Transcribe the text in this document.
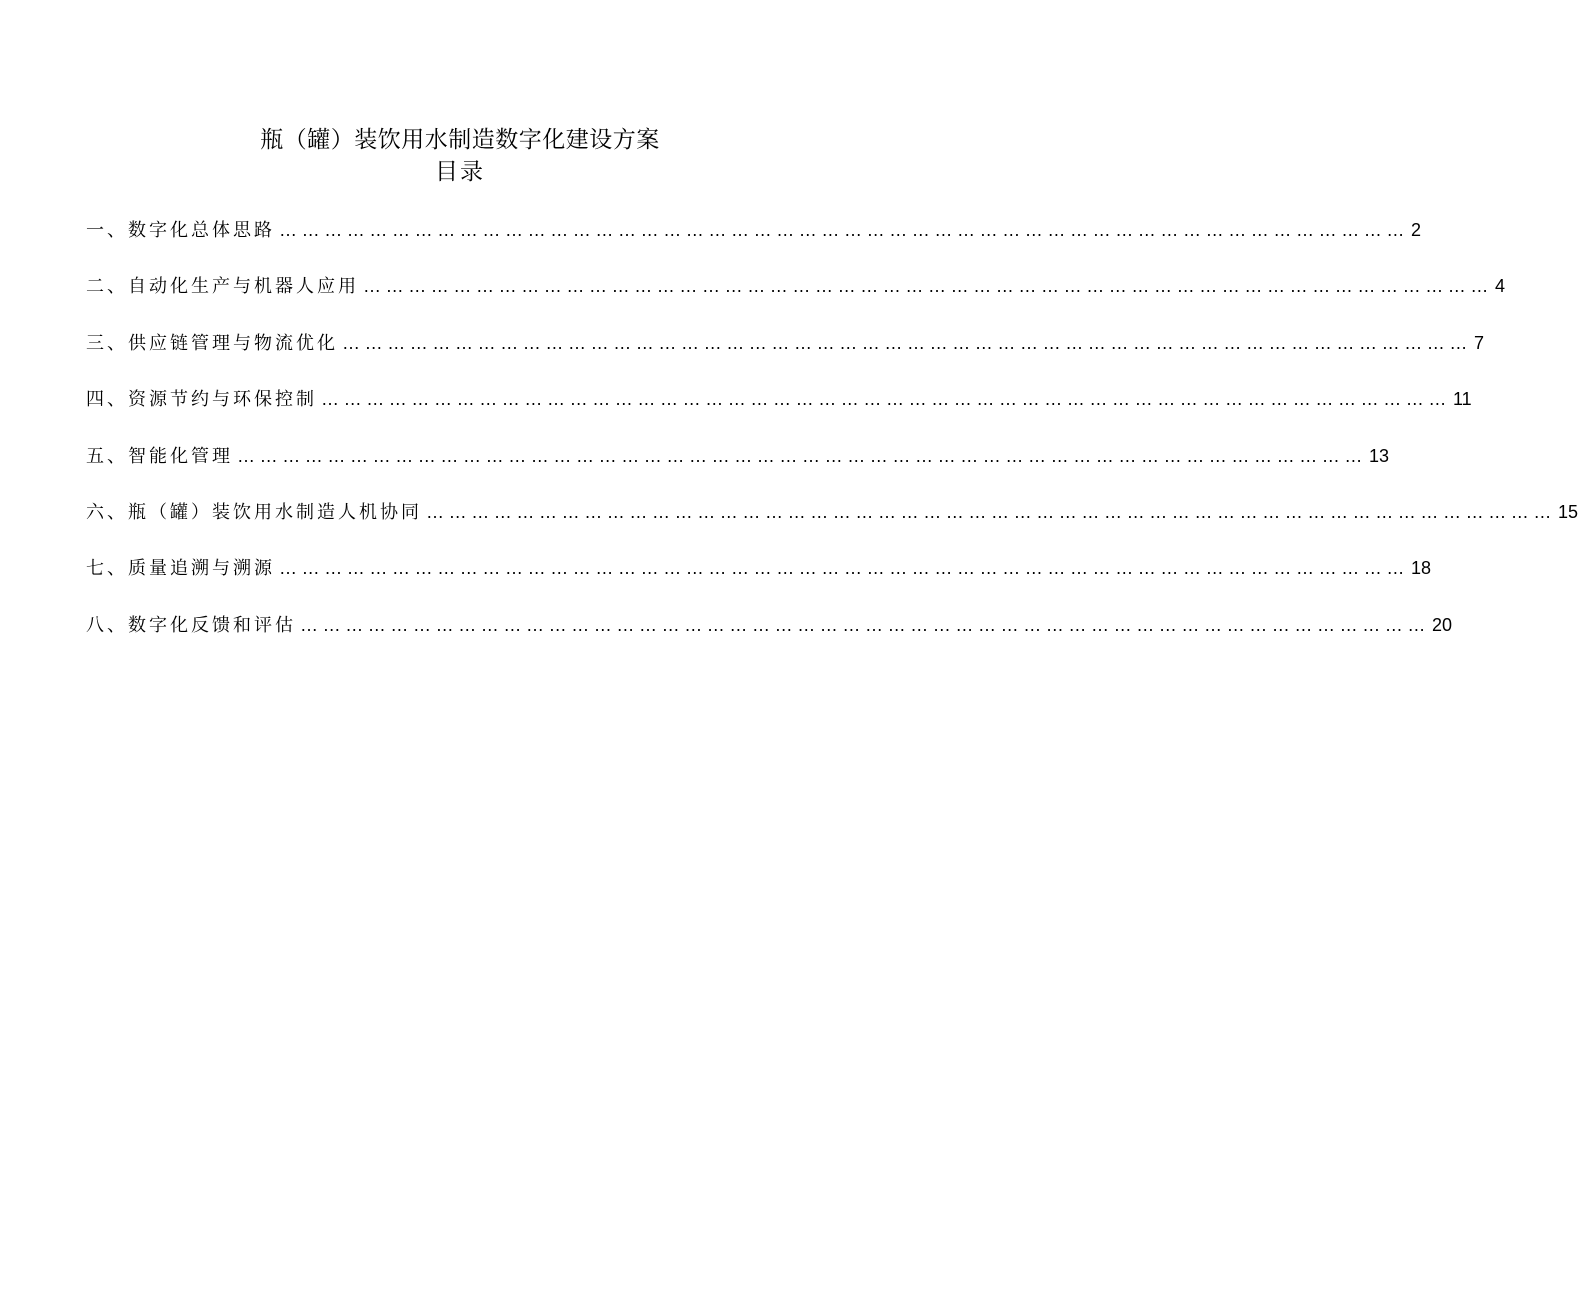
瓶（罐）装饮用水制造数字化建设方案
目录
一、数字化总体思路 …………………………………………………………………………………………………………………………………… 2
二、自动化生产与机器人应用 …………………………………………………………………………………………………………………………………… 4
三、供应链管理与物流优化 …………………………………………………………………………………………………………………………………… 7
四、资源节约与环保控制 …………………………………………………………………………………………………………………………………… 11
五、智能化管理 …………………………………………………………………………………………………………………………………… 13
六、瓶（罐）装饮用水制造人机协同 …………………………………………………………………………………………………………………………………… 15
七、质量追溯与溯源 …………………………………………………………………………………………………………………………………… 18
八、数字化反馈和评估 …………………………………………………………………………………………………………………………………… 20
